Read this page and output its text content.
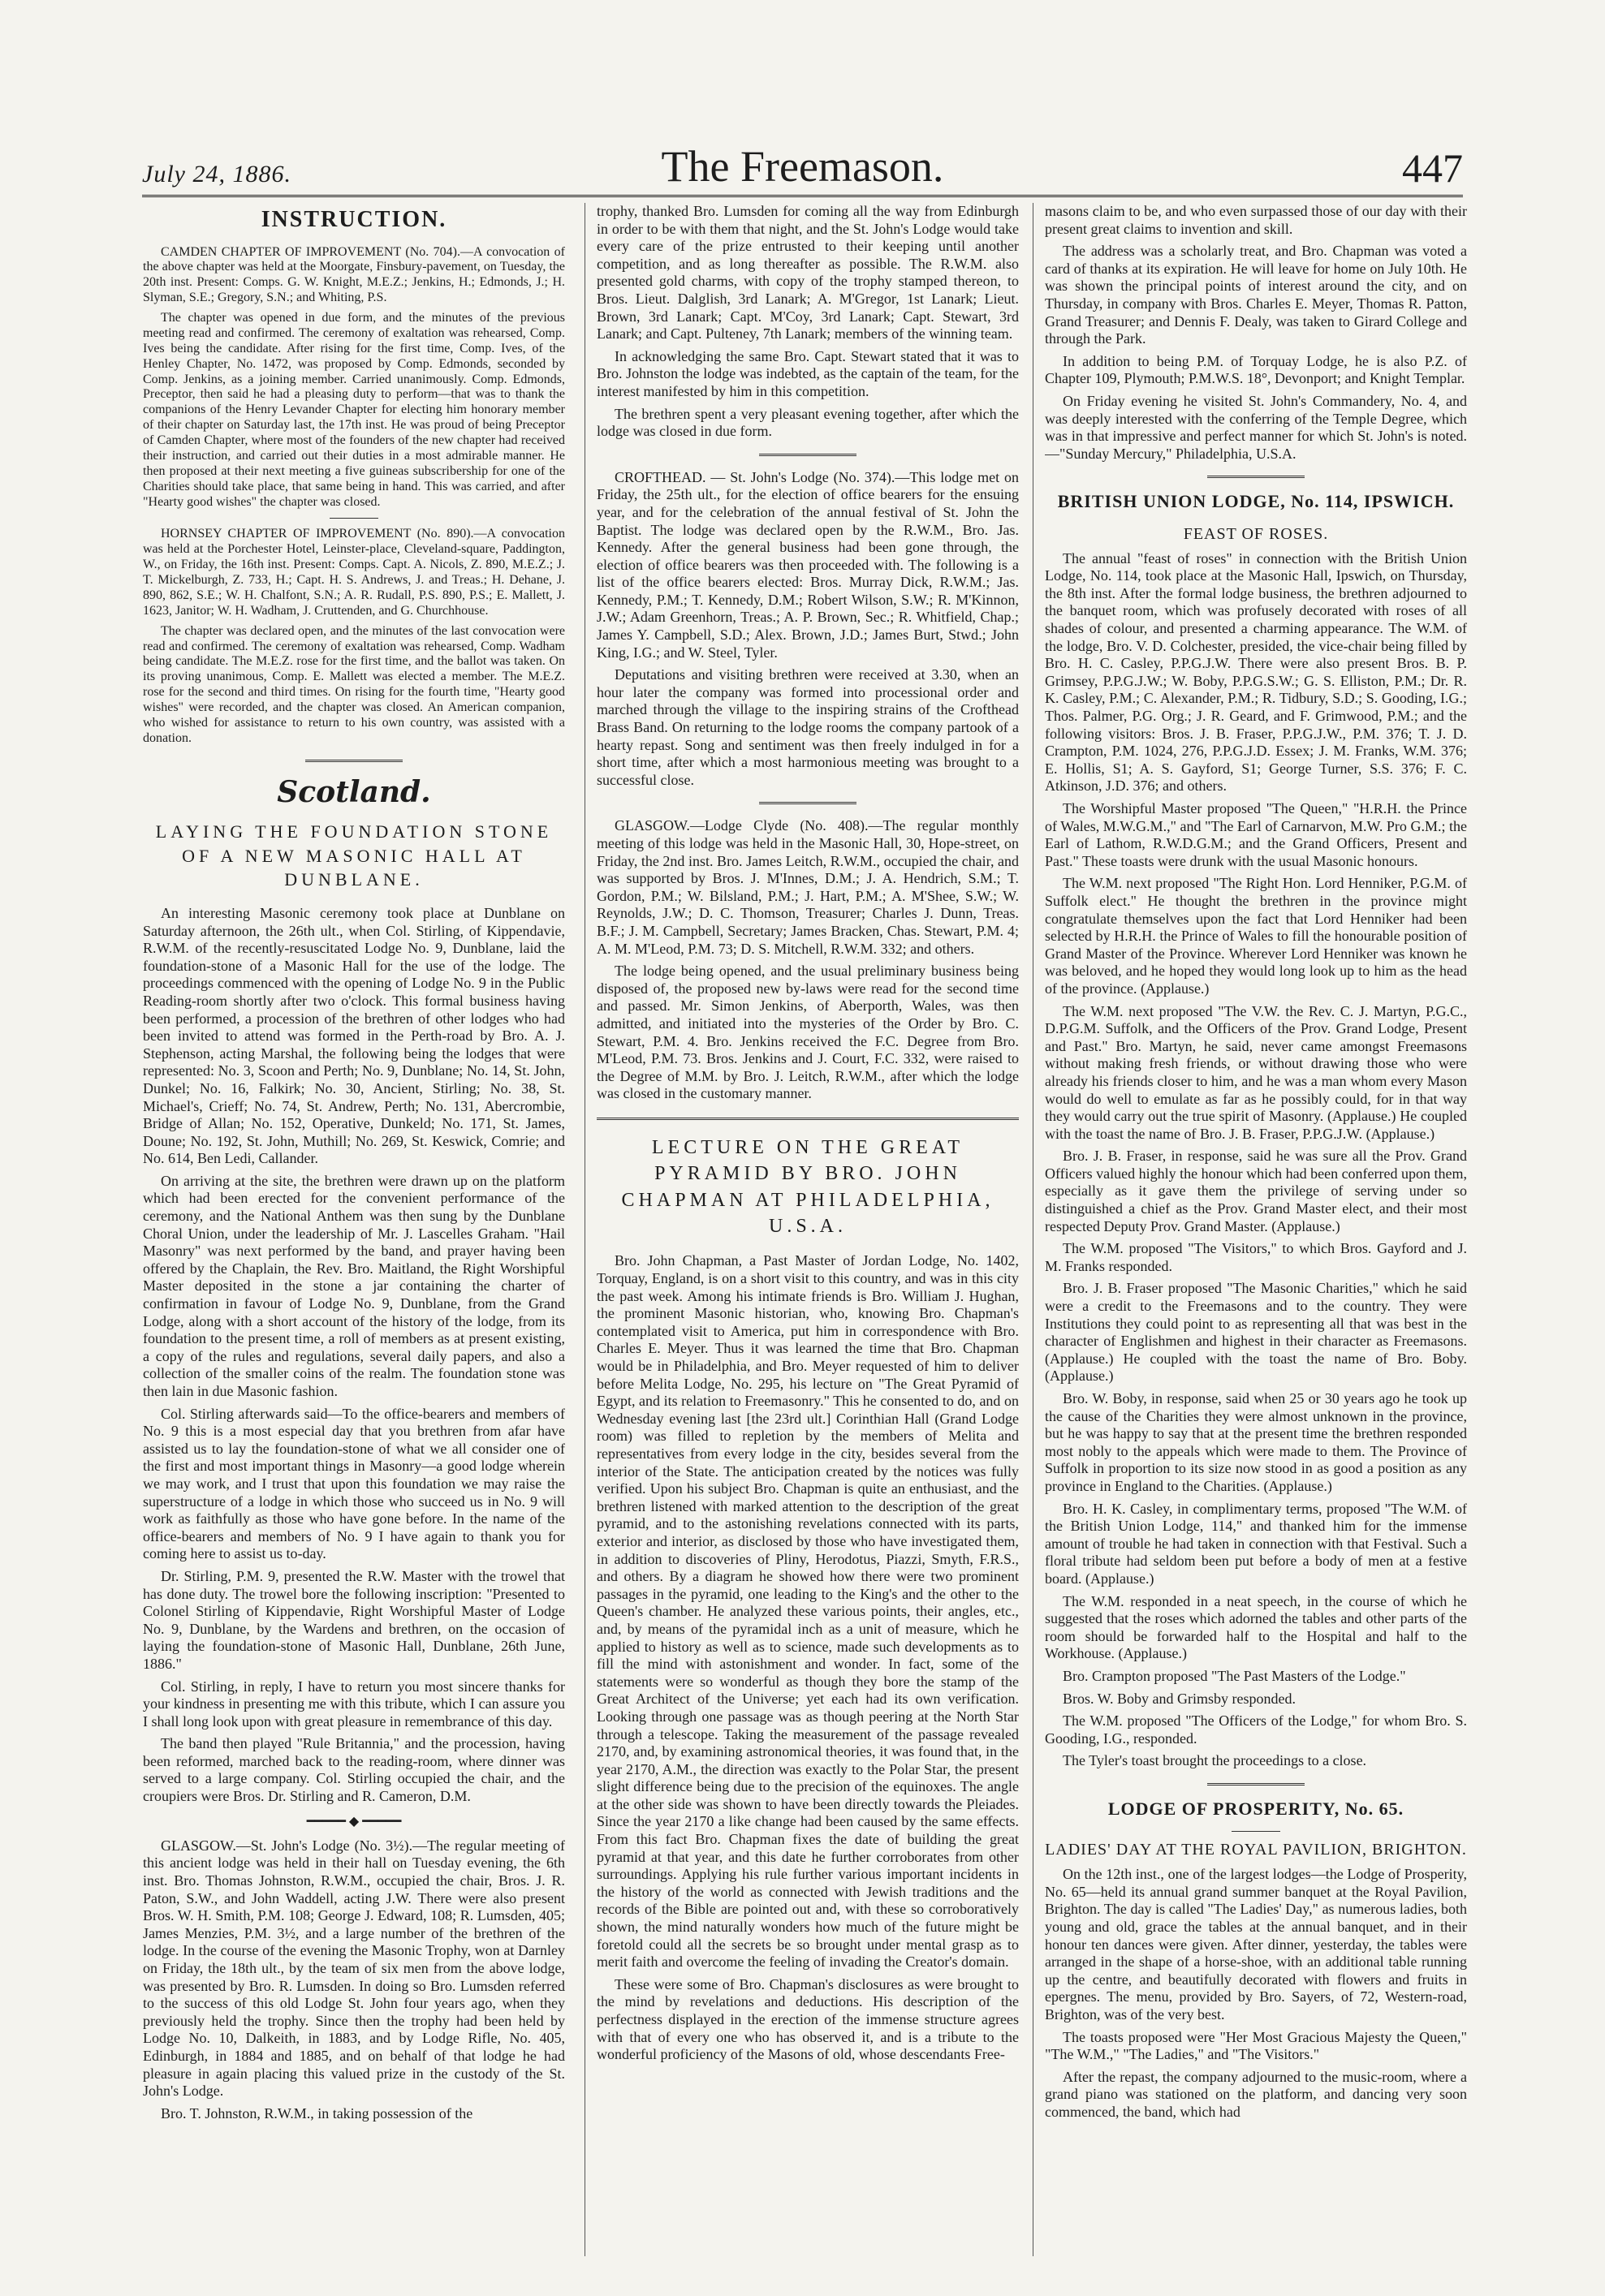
July 24, 1886.	The Freemason.	447
INSTRUCTION.

CAMDEN CHAPTER OF IMPROVEMENT (No. 704).—A convocation of the above chapter was held at the Moorgate, Finsbury-pavement, on Tuesday, the 20th inst. Present: Comps. G. W. Knight, M.E.Z.; Jenkins, H.; Edmonds, J.; H. Slyman, S.E.; Gregory, S.N.; and Whiting, P.S.

The chapter was opened in due form, and the minutes of the previous meeting read and confirmed. The ceremony of exaltation was rehearsed, Comp. Ives being the candidate. After rising for the first time, Comp. Ives, of the Henley Chapter, No. 1472, was proposed by Comp. Edmonds, seconded by Comp. Jenkins, as a joining member. Carried unanimously. Comp. Edmonds, Preceptor, then said he had a pleasing duty to perform—that was to thank the companions of the Henry Levander Chapter for electing him honorary member of their chapter on Saturday last, the 17th inst. He was proud of being Preceptor of Camden Chapter, where most of the founders of the new chapter had received their instruction, and carried out their duties in a most admirable manner. He then proposed at their next meeting a five guineas subscribership for one of the Charities should take place, that same being in hand. This was carried, and after "Hearty good wishes" the chapter was closed.

HORNSEY CHAPTER OF IMPROVEMENT (No. 890).—A convocation was held at the Porchester Hotel, Leinster-place, Cleveland-square, Paddington, W., on Friday, the 16th inst. Present: Comps. Capt. A. Nicols, Z. 890, M.E.Z.; J. T. Mickelburgh, Z. 733, H.; Capt. H. S. Andrews, J. and Treas.; H. Dehane, J. 890, 862, S.E.; W. H. Chalfont, S.N.; A. R. Rudall, P.S. 890, P.S.; E. Mallett, J. 1623, Janitor; W. H. Wadham, J. Cruttenden, and G. Churchhouse.

The chapter was declared open, and the minutes of the last convocation were read and confirmed. The ceremony of exaltation was rehearsed, Comp. Wadham being candidate. The M.E.Z. rose for the first time, and the ballot was taken. On its proving unanimous, Comp. E. Mallett was elected a member. The M.E.Z. rose for the second and third times. On rising for the fourth time, "Hearty good wishes" were recorded, and the chapter was closed. An American companion, who wished for assistance to return to his own country, was assisted with a donation.

Scotland.
LAYING THE FOUNDATION STONE OF A NEW MASONIC HALL AT DUNBLANE.

An interesting Masonic ceremony took place at Dunblane on Saturday afternoon, the 26th ult., when Col. Stirling, of Kippendavie, R.W.M. of the recently-resuscitated Lodge No. 9, Dunblane, laid the foundation-stone of a Masonic Hall for the use of the lodge. The proceedings commenced with the opening of Lodge No. 9 in the Public Reading-room shortly after two o'clock. This formal business having been performed, a procession of the brethren of other lodges who had been invited to attend was formed in the Perth-road by Bro. A. J. Stephenson, acting Marshal, the following being the lodges that were represented: No. 3, Scoon and Perth; No. 9, Dunblane; No. 14, St. John, Dunkel; No. 16, Falkirk; No. 30, Ancient, Stirling; No. 38, St. Michael's, Crieff; No. 74, St. Andrew, Perth; No. 131, Abercrombie, Bridge of Allan; No. 152, Operative, Dunkeld; No. 171, St. James, Doune; No. 192, St. John, Muthill; No. 269, St. Keswick, Comrie; and No. 614, Ben Ledi, Callander.

On arriving at the site, the brethren were drawn up on the platform which had been erected for the convenient performance of the ceremony, and the National Anthem was then sung by the Dunblane Choral Union, under the leadership of Mr. J. Lascelles Graham. "Hail Masonry" was next performed by the band, and prayer having been offered by the Chaplain, the Rev. Bro. Maitland, the Right Worshipful Master deposited in the stone a jar containing the charter of confirmation in favour of Lodge No. 9, Dunblane, from the Grand Lodge, along with a short account of the history of the lodge, from its foundation to the present time, a roll of members as at present existing, a copy of the rules and regulations, several daily papers, and also a collection of the smaller coins of the realm. The foundation stone was then lain in due Masonic fashion.

Col. Stirling afterwards said—To the office-bearers and members of No. 9 this is a most especial day that you brethren from afar have assisted us to lay the foundation-stone of what we all consider one of the first and most important things in Masonry—a good lodge wherein we may work, and I trust that upon this foundation we may raise the superstructure of a lodge in which those who succeed us in No. 9 will work as faithfully as those who have gone before. In the name of the office-bearers and members of No. 9 I have again to thank you for coming here to assist us to-day.

Dr. Stirling, P.M. 9, presented the R.W. Master with the trowel that has done duty. The trowel bore the following inscription: "Presented to Colonel Stirling of Kippendavie, Right Worshipful Master of Lodge No. 9, Dunblane, by the Wardens and brethren, on the occasion of laying the foundation-stone of Masonic Hall, Dunblane, 26th June, 1886."

Col. Stirling, in reply, I have to return you most sincere thanks for your kindness in presenting me with this tribute, which I can assure you I shall long look upon with great pleasure in remembrance of this day.

The band then played "Rule Britannia," and the procession, having been reformed, marched back to the reading-room, where dinner was served to a large company. Col. Stirling occupied the chair, and the croupiers were Bros. Dr. Stirling and R. Cameron, D.M.

━━━━━ ◆ ━━━━━

GLASGOW.—St. John's Lodge (No. 3½).—The regular meeting of this ancient lodge was held in their hall on Tuesday evening, the 6th inst. Bro. Thomas Johnston, R.W.M., occupied the chair, Bros. J. R. Paton, S.W., and John Waddell, acting J.W. There were also present Bros. W. H. Smith, P.M. 108; George J. Edward, 108; R. Lumsden, 405; James Menzies, P.M. 3½, and a large number of the brethren of the lodge. In the course of the evening the Masonic Trophy, won at Darnley on Friday, the 18th ult., by the team of six men from the above lodge, was presented by Bro. R. Lumsden. In doing so Bro. Lumsden referred to the success of this old Lodge St. John four years ago, when they previously held the trophy. Since then the trophy had been held by Lodge No. 10, Dalkeith, in 1883, and by Lodge Rifle, No. 405, Edinburgh, in 1884 and 1885, and on behalf of that lodge he had pleasure in again placing this valued prize in the custody of the St. John's Lodge.

Bro. T. Johnston, R.W.M., in taking possession of the

trophy, thanked Bro. Lumsden for coming all the way from Edinburgh in order to be with them that night, and the St. John's Lodge would take every care of the prize entrusted to their keeping until another competition, and as long thereafter as possible. The R.W.M. also presented gold charms, with copy of the trophy stamped thereon, to Bros. Lieut. Dalglish, 3rd Lanark; A. M'Gregor, 1st Lanark; Lieut. Brown, 3rd Lanark; Capt. M'Coy, 3rd Lanark; Capt. Stewart, 3rd Lanark; and Capt. Pulteney, 7th Lanark; members of the winning team.

In acknowledging the same Bro. Capt. Stewart stated that it was to Bro. Johnston the lodge was indebted, as the captain of the team, for the interest manifested by him in this competition.

The brethren spent a very pleasant evening together, after which the lodge was closed in due form.

CROFTHEAD. — St. John's Lodge (No. 374).—This lodge met on Friday, the 25th ult., for the election of office bearers for the ensuing year, and for the celebration of the annual festival of St. John the Baptist. The lodge was declared open by the R.W.M., Bro. Jas. Kennedy. After the general business had been gone through, the election of office bearers was then proceeded with. The following is a list of the office bearers elected: Bros. Murray Dick, R.W.M.; Jas. Kennedy, P.M.; T. Kennedy, D.M.; Robert Wilson, S.W.; R. M'Kinnon, J.W.; Adam Greenhorn, Treas.; A. P. Brown, Sec.; R. Whitfield, Chap.; James Y. Campbell, S.D.; Alex. Brown, J.D.; James Burt, Stwd.; John King, I.G.; and W. Steel, Tyler.

Deputations and visiting brethren were received at 3.30, when an hour later the company was formed into processional order and marched through the village to the inspiring strains of the Crofthead Brass Band. On returning to the lodge rooms the company partook of a hearty repast. Song and sentiment was then freely indulged in for a short time, after which a most harmonious meeting was brought to a successful close.

GLASGOW.—Lodge Clyde (No. 408).—The regular monthly meeting of this lodge was held in the Masonic Hall, 30, Hope-street, on Friday, the 2nd inst. Bro. James Leitch, R.W.M., occupied the chair, and was supported by Bros. J. M'Innes, D.M.; J. A. Hendrich, S.M.; T. Gordon, P.M.; W. Bilsland, P.M.; J. Hart, P.M.; A. M'Shee, S.W.; W. Reynolds, J.W.; D. C. Thomson, Treasurer; Charles J. Dunn, Treas. B.F.; J. M. Campbell, Secretary; James Bracken, Chas. Stewart, P.M. 4; A. M. M'Leod, P.M. 73; D. S. Mitchell, R.W.M. 332; and others.

The lodge being opened, and the usual preliminary business being disposed of, the proposed new by-laws were read for the second time and passed. Mr. Simon Jenkins, of Aberporth, Wales, was then admitted, and initiated into the mysteries of the Order by Bro. C. Stewart, P.M. 4. Bro. Jenkins received the F.C. Degree from Bro. M'Leod, P.M. 73. Bros. Jenkins and J. Court, F.C. 332, were raised to the Degree of M.M. by Bro. J. Leitch, R.W.M., after which the lodge was closed in the customary manner.

LECTURE ON THE GREAT PYRAMID BY BRO. JOHN CHAPMAN AT PHILADELPHIA, U.S.A.

Bro. John Chapman, a Past Master of Jordan Lodge, No. 1402, Torquay, England, is on a short visit to this country, and was in this city the past week. Among his intimate friends is Bro. William J. Hughan, the prominent Masonic historian, who, knowing Bro. Chapman's contemplated visit to America, put him in correspondence with Bro. Charles E. Meyer. Thus it was learned the time that Bro. Chapman would be in Philadelphia, and Bro. Meyer requested of him to deliver before Melita Lodge, No. 295, his lecture on "The Great Pyramid of Egypt, and its relation to Freemasonry." This he consented to do, and on Wednesday evening last [the 23rd ult.] Corinthian Hall (Grand Lodge room) was filled to repletion by the members of Melita and representatives from every lodge in the city, besides several from the interior of the State. The anticipation created by the notices was fully verified. Upon his subject Bro. Chapman is quite an enthusiast, and the brethren listened with marked attention to the description of the great pyramid, and to the astonishing revelations connected with its parts, exterior and interior, as disclosed by those who have investigated them, in addition to discoveries of Pliny, Herodotus, Piazzi, Smyth, F.R.S., and others. By a diagram he showed how there were two prominent passages in the pyramid, one leading to the King's and the other to the Queen's chamber. He analyzed these various points, their angles, etc., and, by means of the pyramidal inch as a unit of measure, which he applied to history as well as to science, made such developments as to fill the mind with astonishment and wonder. In fact, some of the statements were so wonderful as though they bore the stamp of the Great Architect of the Universe; yet each had its own verification. Looking through one passage was as though peering at the North Star through a telescope. Taking the measurement of the passage revealed 2170, and, by examining astronomical theories, it was found that, in the year 2170, A.M., the direction was exactly to the Polar Star, the present slight difference being due to the precision of the equinoxes. The angle at the other side was shown to have been directly towards the Pleiades. Since the year 2170 a like change had been caused by the same effects. From this fact Bro. Chapman fixes the date of building the great pyramid at that year, and this date he further corroborates from other surroundings. Applying his rule further various important incidents in the history of the world as connected with Jewish traditions and the records of the Bible are pointed out and, with these so corroboratively shown, the mind naturally wonders how much of the future might be foretold could all the secrets be so brought under mental grasp as to merit faith and overcome the feeling of invading the Creator's domain.

These were some of Bro. Chapman's disclosures as were brought to the mind by revelations and deductions. His description of the perfectness displayed in the erection of the immense structure agrees with that of every one who has observed it, and is a tribute to the wonderful proficiency of the Masons of old, whose descendants Free-

masons claim to be, and who even surpassed those of our day with their present great claims to invention and skill.

The address was a scholarly treat, and Bro. Chapman was voted a card of thanks at its expiration. He will leave for home on July 10th. He was shown the principal points of interest around the city, and on Thursday, in company with Bros. Charles E. Meyer, Thomas R. Patton, Grand Treasurer; and Dennis F. Dealy, was taken to Girard College and through the Park.

In addition to being P.M. of Torquay Lodge, he is also P.Z. of Chapter 109, Plymouth; P.M.W.S. 18°, Devonport; and Knight Templar.

On Friday evening he visited St. John's Commandery, No. 4, and was deeply interested with the conferring of the Temple Degree, which was in that impressive and perfect manner for which St. John's is noted.—"Sunday Mercury," Philadelphia, U.S.A.

BRITISH UNION LODGE, No. 114, IPSWICH.

FEAST OF ROSES.

The annual "feast of roses" in connection with the British Union Lodge, No. 114, took place at the Masonic Hall, Ipswich, on Thursday, the 8th inst. After the formal lodge business, the brethren adjourned to the banquet room, which was profusely decorated with roses of all shades of colour, and presented a charming appearance. The W.M. of the lodge, Bro. V. D. Colchester, presided, the vice-chair being filled by Bro. H. C. Casley, P.P.G.J.W. There were also present Bros. B. P. Grimsey, P.P.G.J.W.; W. Boby, P.P.G.S.W.; G. S. Elliston, P.M.; Dr. R. K. Casley, P.M.; C. Alexander, P.M.; R. Tidbury, S.D.; S. Gooding, I.G.; Thos. Palmer, P.G. Org.; J. R. Geard, and F. Grimwood, P.M.; and the following visitors: Bros. J. B. Fraser, P.P.G.J.W., P.M. 376; T. J. D. Crampton, P.M. 1024, 276, P.P.G.J.D. Essex; J. M. Franks, W.M. 376; E. Hollis, S1; A. S. Gayford, S1; George Turner, S.S. 376; F. C. Atkinson, J.D. 376; and others.

The Worshipful Master proposed "The Queen," "H.R.H. the Prince of Wales, M.W.G.M.," and "The Earl of Carnarvon, M.W. Pro G.M.; the Earl of Lathom, R.W.D.G.M.; and the Grand Officers, Present and Past." These toasts were drunk with the usual Masonic honours.

The W.M. next proposed "The Right Hon. Lord Henniker, P.G.M. of Suffolk elect." He thought the brethren in the province might congratulate themselves upon the fact that Lord Henniker had been selected by H.R.H. the Prince of Wales to fill the honourable position of Grand Master of the Province. Wherever Lord Henniker was known he was beloved, and he hoped they would long look up to him as the head of the province. (Applause.)

The W.M. next proposed "The V.W. the Rev. C. J. Martyn, P.G.C., D.P.G.M. Suffolk, and the Officers of the Prov. Grand Lodge, Present and Past." Bro. Martyn, he said, never came amongst Freemasons without making fresh friends, or without drawing those who were already his friends closer to him, and he was a man whom every Mason would do well to emulate as far as he possibly could, for in that way they would carry out the true spirit of Masonry. (Applause.) He coupled with the toast the name of Bro. J. B. Fraser, P.P.G.J.W. (Applause.)

Bro. J. B. Fraser, in response, said he was sure all the Prov. Grand Officers valued highly the honour which had been conferred upon them, especially as it gave them the privilege of serving under so distinguished a chief as the Prov. Grand Master elect, and their most respected Deputy Prov. Grand Master. (Applause.)

The W.M. proposed "The Visitors," to which Bros. Gayford and J. M. Franks responded.

Bro. J. B. Fraser proposed "The Masonic Charities," which he said were a credit to the Freemasons and to the country. They were Institutions they could point to as representing all that was best in the character of Englishmen and highest in their character as Freemasons. (Applause.) He coupled with the toast the name of Bro. Boby. (Applause.)

Bro. W. Boby, in response, said when 25 or 30 years ago he took up the cause of the Charities they were almost unknown in the province, but he was happy to say that at the present time the brethren responded most nobly to the appeals which were made to them. The Province of Suffolk in proportion to its size now stood in as good a position as any province in England to the Charities. (Applause.)

Bro. H. K. Casley, in complimentary terms, proposed "The W.M. of the British Union Lodge, 114," and thanked him for the immense amount of trouble he had taken in connection with that Festival. Such a floral tribute had seldom been put before a body of men at a festive board. (Applause.)

The W.M. responded in a neat speech, in the course of which he suggested that the roses which adorned the tables and other parts of the room should be forwarded half to the Hospital and half to the Workhouse. (Applause.)

Bro. Crampton proposed "The Past Masters of the Lodge."

Bros. W. Boby and Grimsby responded.

The W.M. proposed "The Officers of the Lodge," for whom Bro. S. Gooding, I.G., responded.

The Tyler's toast brought the proceedings to a close.

LODGE OF PROSPERITY, No. 65.

LADIES' DAY AT THE ROYAL PAVILION, BRIGHTON.

On the 12th inst., one of the largest lodges—the Lodge of Prosperity, No. 65—held its annual grand summer banquet at the Royal Pavilion, Brighton. The day is called "The Ladies' Day," as numerous ladies, both young and old, grace the tables at the annual banquet, and in their honour ten dances were given. After dinner, yesterday, the tables were arranged in the shape of a horse-shoe, with an additional table running up the centre, and beautifully decorated with flowers and fruits in epergnes. The menu, provided by Bro. Sayers, of 72, Western-road, Brighton, was of the very best.

The toasts proposed were "Her Most Gracious Majesty the Queen," "The W.M.," "The Ladies," and "The Visitors."

After the repast, the company adjourned to the music-room, where a grand piano was stationed on the platform, and dancing very soon commenced, the band, which had
